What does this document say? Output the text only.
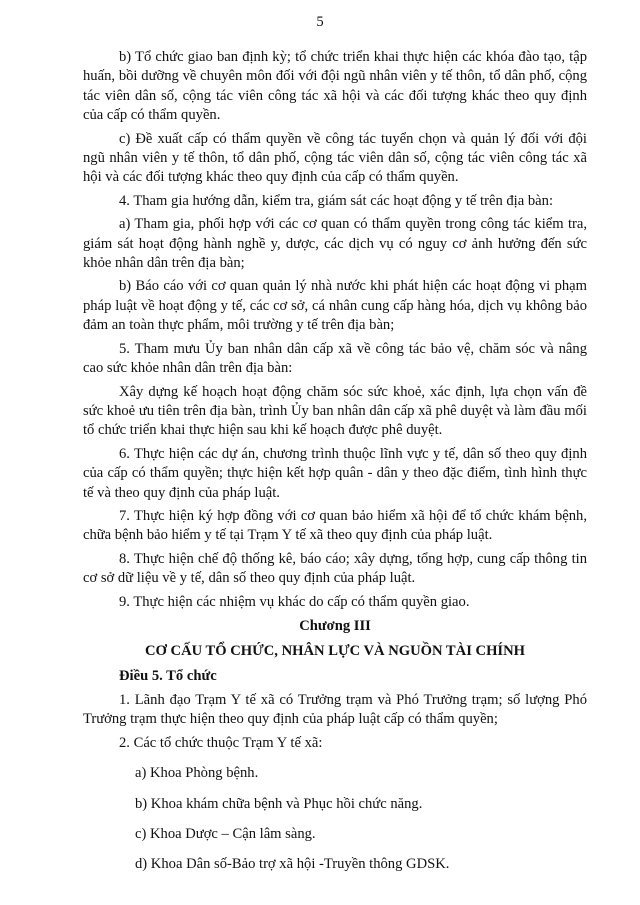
5

b) Tổ chức giao ban định kỳ; tổ chức triển khai thực hiện các khóa đào tạo, tập huấn, bồi dưỡng về chuyên môn đối với đội ngũ nhân viên y tế thôn, tổ dân phố, cộng tác viên dân số, cộng tác viên công tác xã hội và các đối tượng khác theo quy định của cấp có thẩm quyền.

c) Đề xuất cấp có thẩm quyền về công tác tuyển chọn và quản lý đối với đội ngũ nhân viên y tế thôn, tổ dân phố, cộng tác viên dân số, cộng tác viên công tác xã hội và các đối tượng khác theo quy định của cấp có thẩm quyền.

4. Tham gia hướng dẫn, kiểm tra, giám sát các hoạt động y tế trên địa bàn:

a) Tham gia, phối hợp với các cơ quan có thẩm quyền trong công tác kiểm tra, giám sát hoạt động hành nghề y, dược, các dịch vụ có nguy cơ ảnh hưởng đến sức khỏe nhân dân trên địa bàn;

b) Báo cáo với cơ quan quản lý nhà nước khi phát hiện các hoạt động vi phạm pháp luật về hoạt động y tế, các cơ sở, cá nhân cung cấp hàng hóa, dịch vụ không bảo đảm an toàn thực phẩm, môi trường y tế trên địa bàn;

5. Tham mưu Ủy ban nhân dân cấp xã về công tác bảo vệ, chăm sóc và nâng cao sức khỏe nhân dân trên địa bàn:

Xây dựng kế hoạch hoạt động chăm sóc sức khoẻ, xác định, lựa chọn vấn đề sức khoẻ ưu tiên trên địa bàn, trình Ủy ban nhân dân cấp xã phê duyệt và làm đầu mối tổ chức triển khai thực hiện sau khi kế hoạch được phê duyệt.

6. Thực hiện các dự án, chương trình thuộc lĩnh vực y tế, dân số theo quy định của cấp có thẩm quyền; thực hiện kết hợp quân - dân y theo đặc điểm, tình hình thực tế và theo quy định của pháp luật.

7. Thực hiện ký hợp đồng với cơ quan bảo hiểm xã hội để tổ chức khám bệnh, chữa bệnh bảo hiểm y tế tại Trạm Y tế xã theo quy định của pháp luật.

8. Thực hiện chế độ thống kê, báo cáo; xây dựng, tổng hợp, cung cấp thông tin cơ sở dữ liệu về y tế, dân số theo quy định của pháp luật.

9. Thực hiện các nhiệm vụ khác do cấp có thẩm quyền giao.

Chương III
CƠ CẤU TỔ CHỨC, NHÂN LỰC VÀ NGUỒN TÀI CHÍNH
Điều 5. Tổ chức

1. Lãnh đạo Trạm Y tế xã có Trưởng trạm và Phó Trưởng trạm; số lượng Phó Trưởng trạm thực hiện theo quy định của pháp luật cấp có thẩm quyền;

2. Các tổ chức thuộc Trạm Y tế xã:

a) Khoa Phòng bệnh.
b) Khoa khám chữa bệnh và Phục hồi chức năng.
c) Khoa Dược – Cận lâm sàng.
d) Khoa Dân số-Bảo trợ xã hội -Truyền thông GDSK.
